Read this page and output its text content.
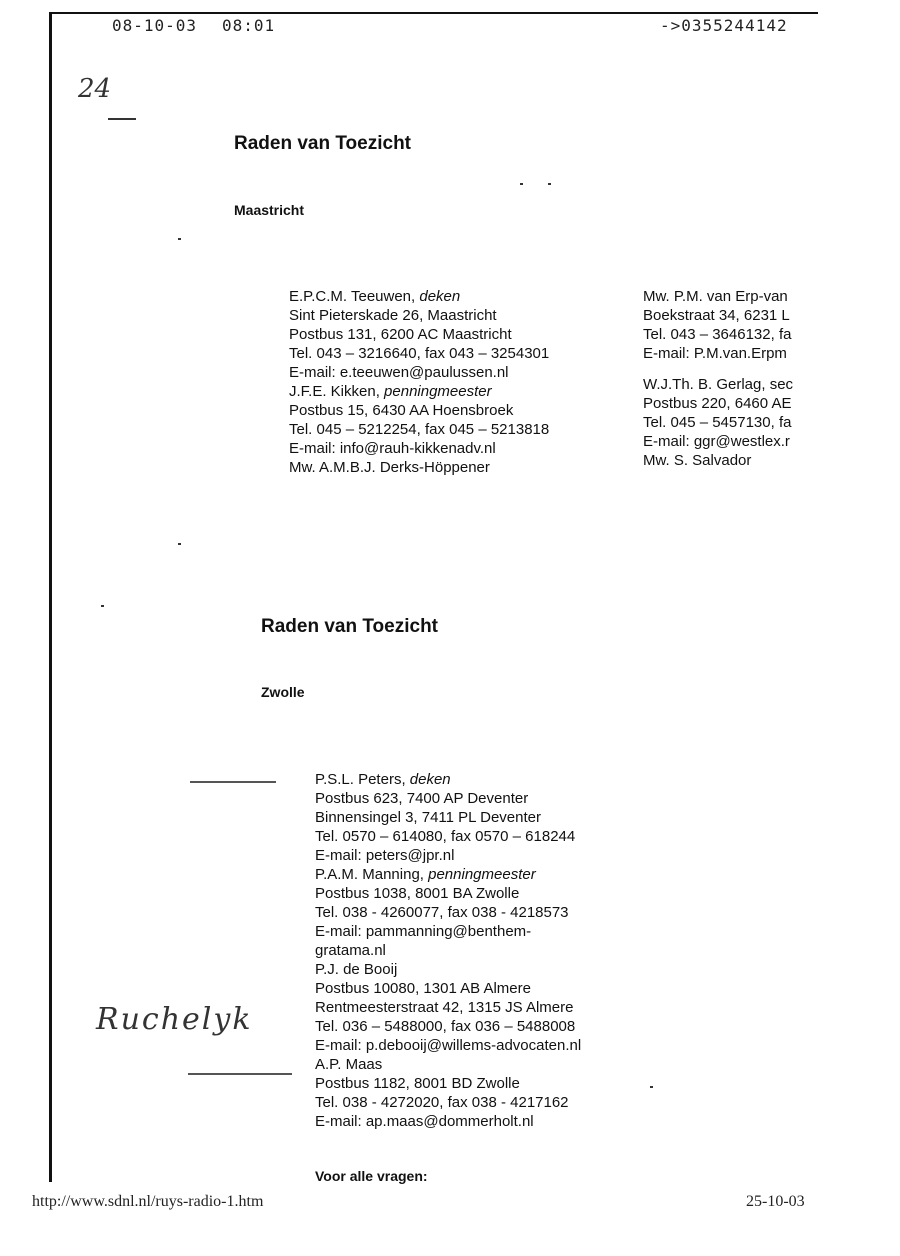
08-10-03 08:01	->0355244142
24
Raden van Toezicht
Maastricht
E.P.C.M. Teeuwen, deken
Sint Pieterskade 26, Maastricht
Postbus 131, 6200 AC Maastricht
Tel. 043 – 3216640, fax 043 – 3254301
E-mail: e.teeuwen@paulussen.nl
J.F.E. Kikken, penningmeester
Postbus 15, 6430 AA Hoensbroek
Tel. 045 – 5212254, fax 045 – 5213818
E-mail: info@rauh-kikkenadv.nl
Mw. A.M.B.J. Derks-Höppener
Mw. P.M. van Erp-van
Boekstraat 34, 6231 L
Tel. 043 – 3646132, fa
E-mail: P.M.van.Erpm
W.J.Th. B. Gerlag, sec
Postbus 220, 6460 AE
Tel. 045 – 5457130, fa
E-mail: ggr@westlex.r
Mw. S. Salvador
Raden van Toezicht
Zwolle
P.S.L. Peters, deken
Postbus 623, 7400 AP Deventer
Binnensingel 3, 7411 PL Deventer
Tel. 0570 – 614080, fax 0570 – 618244
E-mail: peters@jpr.nl
P.A.M. Manning, penningmeester
Postbus 1038, 8001 BA Zwolle
Tel. 038 - 4260077, fax 038 - 4218573
E-mail: pammanning@benthem-
gratama.nl
P.J. de Booij
Postbus 10080, 1301 AB Almere
Rentmeesterstraat 42, 1315 JS Almere
Tel. 036 – 5488000, fax 036 – 5488008
E-mail: p.debooij@willems-advocaten.nl
A.P. Maas
Postbus 1182, 8001 BD Zwolle
Tel. 038 - 4272020, fax 038 - 4217162
E-mail: ap.maas@dommerholt.nl
Ruchelyk
Voor alle vragen:
http://www.sdnl.nl/ruys-radio-1.htm	25-10-03
